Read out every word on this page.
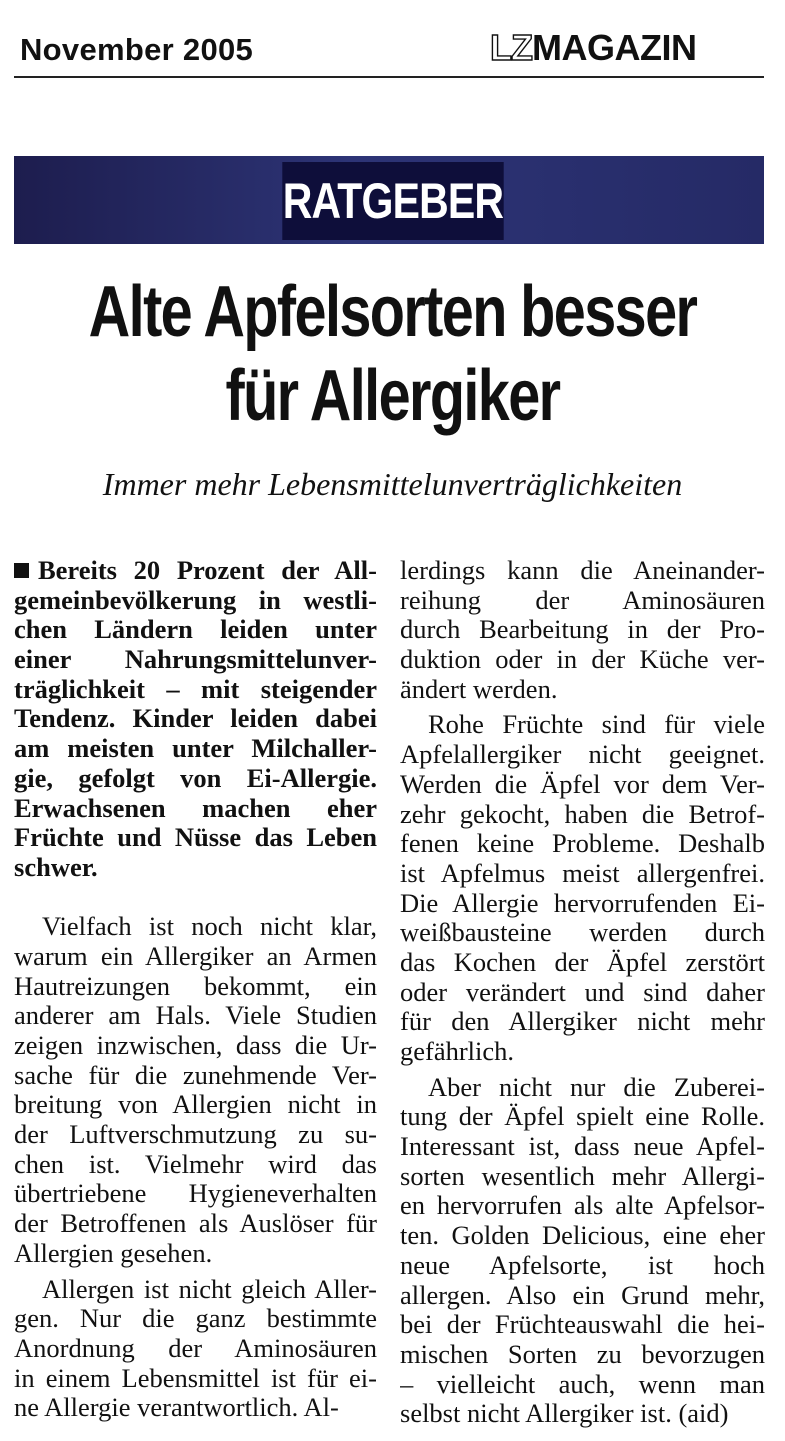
November 2005	LZMAGAZIN
RATGEBER
Alte Apfelsorten besser
für Allergiker
Immer mehr Lebensmittelunverträglichkeiten
Bereits 20 Prozent der All-
gemeinbevölkerung in westli-
chen Ländern leiden unter
einer Nahrungsmittelunver-
träglichkeit – mit steigender
Tendenz. Kinder leiden dabei
am meisten unter Milchaller-
gie, gefolgt von Ei-Allergie.
Erwachsenen machen eher
Früchte und Nüsse das Leben
schwer.
Vielfach ist noch nicht klar,
warum ein Allergiker an Armen
Hautreizungen bekommt, ein
anderer am Hals. Viele Studien
zeigen inzwischen, dass die Ur-
sache für die zunehmende Ver-
breitung von Allergien nicht in
der Luftverschmutzung zu su-
chen ist. Vielmehr wird das
übertriebene Hygieneverhalten
der Betroffenen als Auslöser für
Allergien gesehen.
Allergen ist nicht gleich Aller-
gen. Nur die ganz bestimmte
Anordnung der Aminosäuren
in einem Lebensmittel ist für ei-
ne Allergie verantwortlich. Al-
lerdings kann die Aneinander-
reihung der Aminosäuren
durch Bearbeitung in der Pro-
duktion oder in der Küche ver-
ändert werden.
Rohe Früchte sind für viele
Apfelallergiker nicht geeignet.
Werden die Äpfel vor dem Ver-
zehr gekocht, haben die Betrof-
fenen keine Probleme. Deshalb
ist Apfelmus meist allergenfrei.
Die Allergie hervorrufenden Ei-
weißbausteine werden durch
das Kochen der Äpfel zerstört
oder verändert und sind daher
für den Allergiker nicht mehr
gefährlich.
Aber nicht nur die Zuberei-
tung der Äpfel spielt eine Rolle.
Interessant ist, dass neue Apfel-
sorten wesentlich mehr Allergi-
en hervorrufen als alte Apfelsor-
ten. Golden Delicious, eine eher
neue Apfelsorte, ist hoch
allergen. Also ein Grund mehr,
bei der Früchteauswahl die hei-
mischen Sorten zu bevorzugen
– vielleicht auch, wenn man
selbst nicht Allergiker ist. (aid)
